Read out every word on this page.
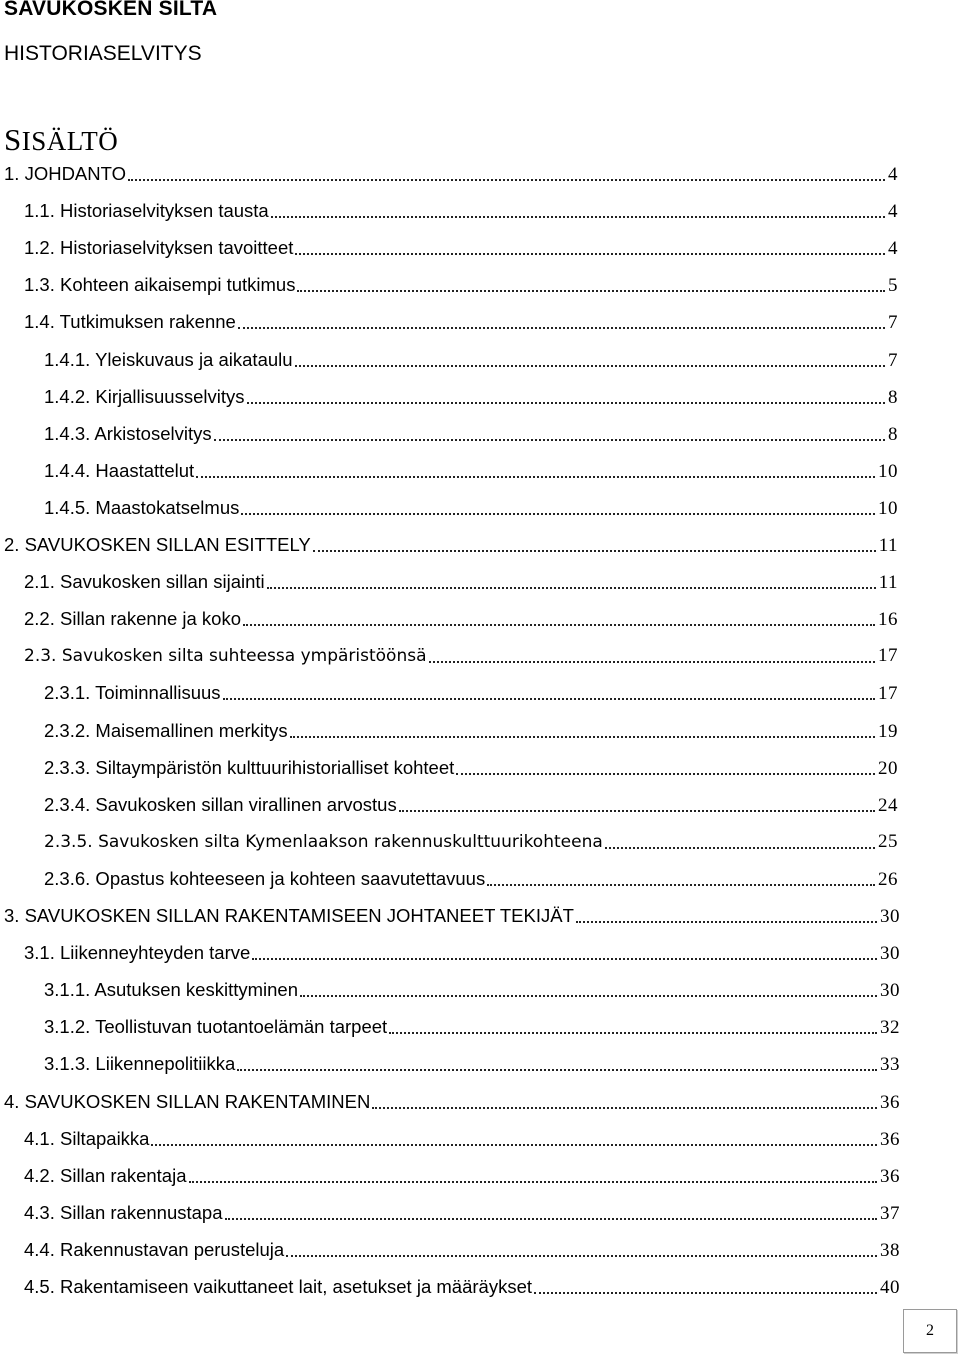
SAVUKOSKEN SILTA
HISTORIASELVITYS
SISÄLTÖ
1. JOHDANTO	4
1.1. Historiaselvityksen tausta	4
1.2. Historiaselvityksen tavoitteet	4
1.3. Kohteen aikaisempi tutkimus	5
1.4. Tutkimuksen rakenne	7
1.4.1. Yleiskuvaus ja aikataulu	7
1.4.2. Kirjallisuusselvitys	8
1.4.3. Arkistoselvitys	8
1.4.4. Haastattelut	10
1.4.5. Maastokatselmus	10
2. SAVUKOSKEN SILLAN ESITTELY	11
2.1. Savukosken sillan sijainti	11
2.2. Sillan rakenne ja koko	16
2.3. Savukosken silta suhteessa ympäristöönsä	17
2.3.1. Toiminnallisuus	17
2.3.2. Maisemallinen merkitys	19
2.3.3. Siltaympäristön kulttuurihistorialliset kohteet	20
2.3.4. Savukosken sillan virallinen arvostus	24
2.3.5. Savukosken silta Kymenlaakson rakennuskulttuurikohteena	25
2.3.6. Opastus kohteeseen ja kohteen saavutettavuus	26
3. SAVUKOSKEN SILLAN RAKENTAMISEEN JOHTANEET TEKIJÄT	30
3.1. Liikenneyhteyden tarve	30
3.1.1. Asutuksen keskittyminen	30
3.1.2. Teollistuvan tuotantoelämän tarpeet	32
3.1.3. Liikennepolitiikka	33
4. SAVUKOSKEN SILLAN RAKENTAMINEN	36
4.1. Siltapaikka	36
4.2. Sillan rakentaja	36
4.3. Sillan rakennustapa	37
4.4. Rakennustavan perusteluja	38
4.5. Rakentamiseen vaikuttaneet lait, asetukset ja määräykset	40
2
